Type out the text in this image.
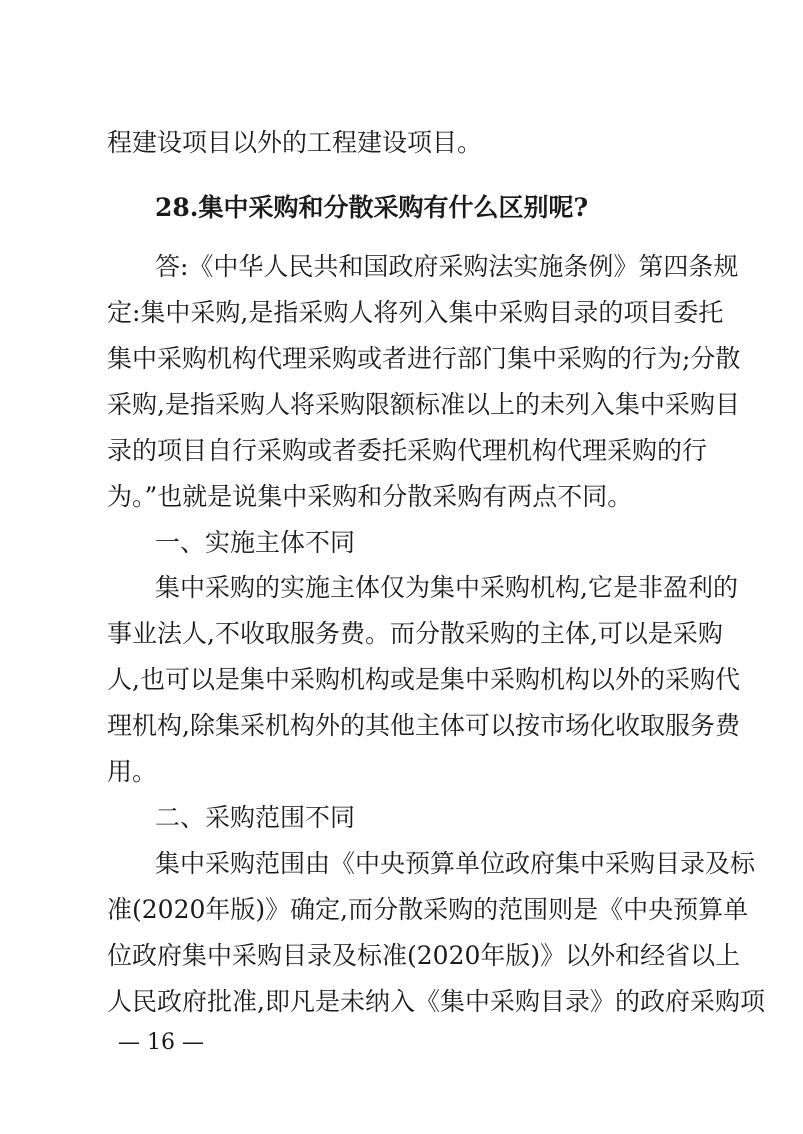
程建设项目以外的工程建设项目。
28.集中采购和分散采购有什么区别呢?
答:《中华人民共和国政府采购法实施条例》第四条规
定:集中采购,是指采购人将列入集中采购目录的项目委托
集中采购机构代理采购或者进行部门集中采购的行为;分散
采购,是指采购人将采购限额标准以上的未列入集中采购目
录的项目自行采购或者委托采购代理机构代理采购的行
为。”也就是说集中采购和分散采购有两点不同。
一、实施主体不同
集中采购的实施主体仅为集中采购机构,它是非盈利的
事业法人,不收取服务费。而分散采购的主体,可以是采购
人,也可以是集中采购机构或是集中采购机构以外的采购代
理机构,除集采机构外的其他主体可以按市场化收取服务费
用。
二、采购范围不同
集中采购范围由《中央预算单位政府集中采购目录及标
准(2020年版)》确定,而分散采购的范围则是《中央预算单
位政府集中采购目录及标准(2020年版)》以外和经省以上
人民政府批准,即凡是未纳入《集中采购目录》的政府采购项
— 16 —
